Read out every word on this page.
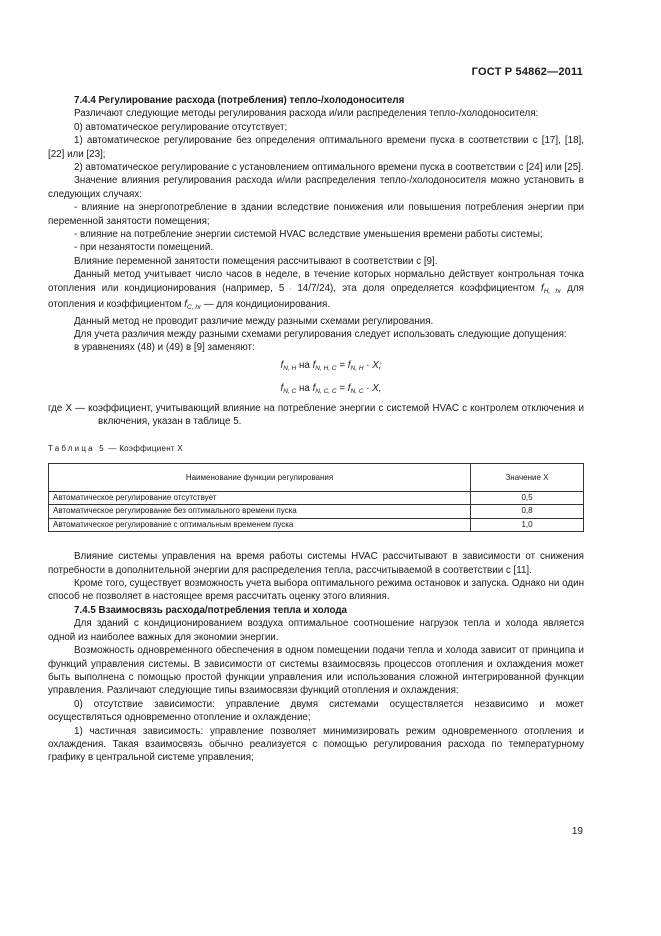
ГОСТ Р 54862—2011

7.4.4 Регулирование расхода (потребления) тепло-/холодоносителя

Различают следующие методы регулирования расхода и/или распределения тепло-/холодоносителя:

0) автоматическое регулирование отсутствует;

1) автоматическое регулирование без определения оптимального времени пуска в соответствии с [17], [18], [22] или [23];

2) автоматическое регулирование с установлением оптимального времени пуска в соответствии с [24] или [25].

Значение влияния регулирования расхода и/или распределения тепло-/холодоносителя можно установить в следующих случаях:

- влияние на энергопотребление в здании вследствие понижения или повышения потребления энергии при переменной занятости помещения;

- влияние на потребление энергии системой HVAC вследствие уменьшения времени работы системы;

- при незанятости помещений.

Влияние переменной занятости помещения рассчитывают в соответствии с [9].

Данный метод учитывает число часов в неделе, в течение которых нормально действует контрольная точка отопления или кондиционирования (например, 5 · 14/7/24), эта доля определяется коэффициентом $f_{H, hr}$ для отопления и коэффициентом $f_{C, hr}$ — для кондиционирования.

Данный метод не проводит различие между разными схемами регулирования.

Для учета различия между разными схемами регулирования следует использовать следующие допущения:

в уравнениях (48) и (49) в [9] заменяют:

$f_{N, H}$ на $f_{N, H, C} = f_{N, H} \cdot X$;
$f_{N, C}$ на $f_{N, C, C} = f_{N, C} \cdot X$,

где X — коэффициент, учитывающий влияние на потребление энергии с системой HVAC с контролем отключения и включения, указан в таблице 5.

Таблица 5 — Коэффициент X

Наименование функции регулирования	Значение X
Автоматическое регулирование отсутствует	0,5
Автоматическое регулирование без оптимального времени пуска	0,8
Автоматическое регулирование с оптимальным временем пуска	1,0

Влияние системы управления на время работы системы HVAC рассчитывают в зависимости от снижения потребности в дополнительной энергии для распределения тепла, рассчитываемой в соответствии с [11].

Кроме того, существует возможность учета выбора оптимального режима остановок и запуска. Однако ни один способ не позволяет в настоящее время рассчитать оценку этого влияния.

7.4.5 Взаимосвязь расхода/потребления тепла и холода

Для зданий с кондиционированием воздуха оптимальное соотношение нагрузок тепла и холода является одной из наиболее важных для экономии энергии.

Возможность одновременного обеспечения в одном помещении подачи тепла и холода зависит от принципа и функций управления системы. В зависимости от системы взаимосвязь процессов отопления и охлаждения может быть выполнена с помощью простой функции управления или использования сложной интегрированной функции управления. Различают следующие типы взаимосвязи функций отопления и охлаждения:

0) отсутствие зависимости: управление двумя системами осуществляется независимо и может осуществляться одновременно отопление и охлаждение;

1) частичная зависимость: управление позволяет минимизировать режим одновременного отопления и охлаждения. Такая взаимосвязь обычно реализуется с помощью регулирования расхода по температурному графику в центральной системе управления;

19
